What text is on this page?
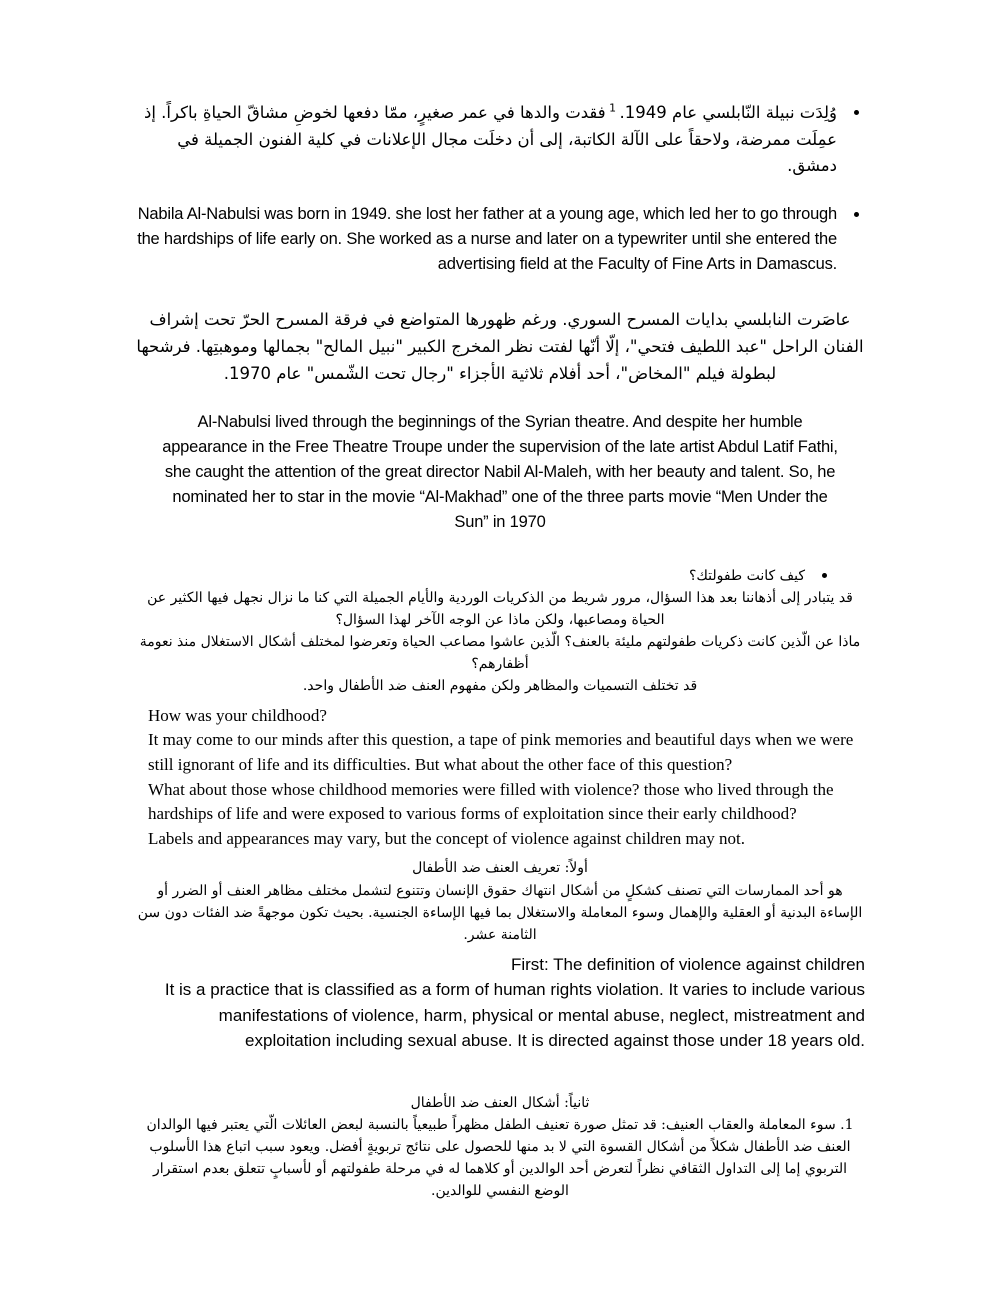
وُلِدَت نبيلة النّابلسي عام 1949. $^1$ فقدت والدها في عمر صغيرٍ، ممّا دفعها لخوضِ مشاقّ الحياةِ باكراً. إذ عمِلَت ممرضة، ولاحقاً على الآلة الكاتبة، إلى أن دخلَت مجال الإعلانات في كلية الفنون الجميلة في دمشق.
Nabila Al-Nabulsi was born in 1949. she lost her father at a young age, which led her to go through the hardships of life early on. She worked as a nurse and later on a typewriter until she entered the advertising field at the Faculty of Fine Arts in Damascus.
عاصَرت النابلسي بدايات المسرح السوري. ورغم ظهورها المتواضع في فرقة المسرح الحرّ تحت إشراف الفنان الراحل "عبد اللطيف فتحي"، إلّا أنّها لفتت نظر المخرج الكبير "نبيل المالح" بجمالها وموهبتِها. فرشحها لبطولة فيلم "المخاض"، أحد أفلام ثلاثية الأجزاء "رجال تحت الشّمس" عام 1970.
Al-Nabulsi lived through the beginnings of the Syrian theatre. And despite her humble appearance in the Free Theatre Troupe under the supervision of the late artist Abdul Latif Fathi, she caught the attention of the great director Nabil Al-Maleh, with her beauty and talent. So, he nominated her to star in the movie “Al-Makhad” one of the three parts movie “Men Under the Sun” in 1970
كيف كانت طفولتك؟
قد يتبادر إلى أذهاننا بعد هذا السؤال، مرور شريط من الذكريات الوردية والأيام الجميلة التي كنا ما نزال نجهل فيها الكثير عن الحياة ومصاعبها، ولكن ماذا عن الوجه الآخر لهذا السؤال؟
ماذا عن الّذين كانت ذكريات طفولتهم مليئة بالعنف؟ الّذين عاشوا مصاعب الحياة وتعرضوا لمختلف أشكال الاستغلال منذ نعومة أظفارهم؟
قد تختلف التسميات والمظاهر ولكن مفهوم العنف ضد الأطفال واحد.
How was your childhood?
It may come to our minds after this question, a tape of pink memories and beautiful days when we were still ignorant of life and its difficulties. But what about the other face of this question?
What about those whose childhood memories were filled with violence? those who lived through the hardships of life and were exposed to various forms of exploitation since their early childhood?
Labels and appearances may vary, but the concept of violence against children may not.
أولاً: تعريف العنف ضد الأطفال
هو أحد الممارسات التي تصنف كشكلٍ من أشكال انتهاك حقوق الإنسان وتتنوع لتشمل مختلف مظاهر العنف أو الضرر أو الإساءة البدنية أو العقلية والإهمال وسوء المعاملة والاستغلال بما فيها الإساءة الجنسية. بحيث تكون موجهةً ضد الفئات دون سن الثامنة عشر.
First: The definition of violence against children
It is a practice that is classified as a form of human rights violation. It varies to include various manifestations of violence, harm, physical or mental abuse, neglect, mistreatment and exploitation including sexual abuse. It is directed against those under 18 years old.
ثانياً: أشكال العنف ضد الأطفال
1. سوء المعاملة والعقاب العنيف: قد تمثل صورة تعنيف الطفل مظهراً طبيعياً بالنسبة لبعض العائلات الّتي يعتبر فيها الوالدان العنف ضد الأطفال شكلاً من أشكال القسوة التي لا بد منها للحصول على نتائج تربويةٍ أفضل. ويعود سبب اتباع هذا الأسلوب التربوي إما إلى التداول الثقافي نظراً لتعرض أحد الوالدين أو كلاهما له في مرحلة طفولتهم أو لأسبابٍ تتعلق بعدم استقرار الوضع النفسي للوالدين.
